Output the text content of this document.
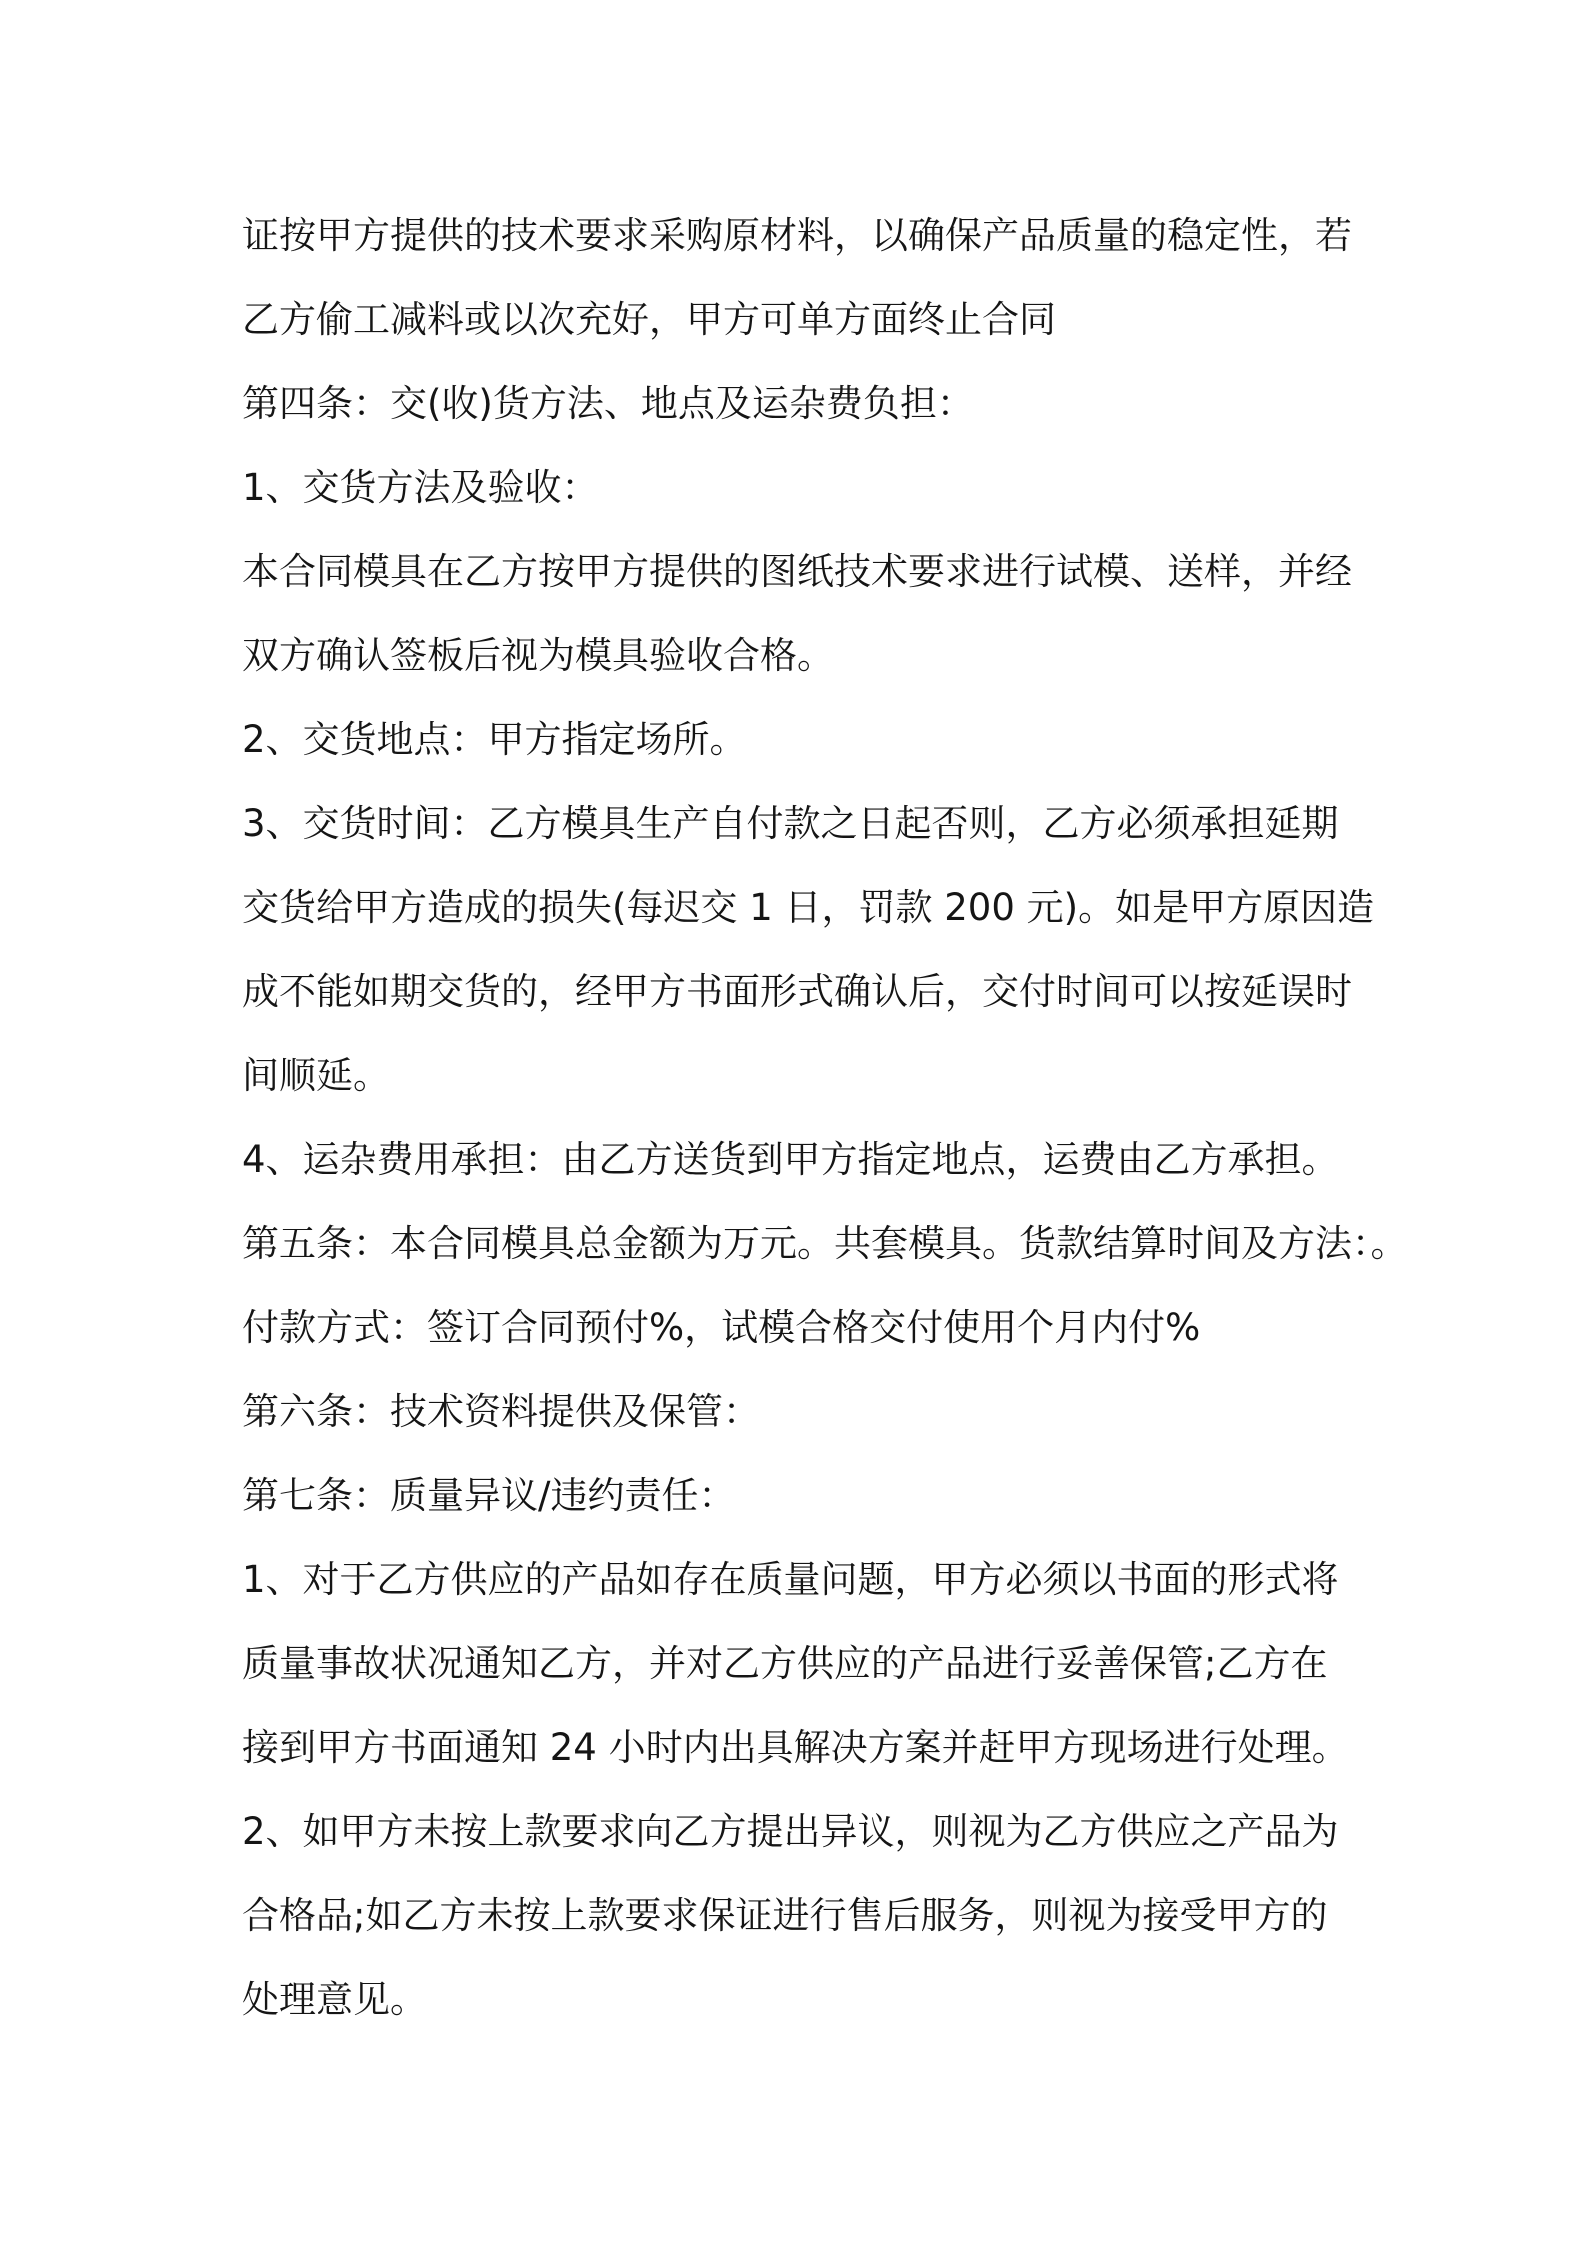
证按甲方提供的技术要求采购原材料，以确保产品质量的稳定性，若
乙方偷工减料或以次充好，甲方可单方面终止合同
第四条：交(收)货方法、地点及运杂费负担：
1、交货方法及验收：
本合同模具在乙方按甲方提供的图纸技术要求进行试模、送样，并经
双方确认签板后视为模具验收合格。
2、交货地点：甲方指定场所。
3、交货时间：乙方模具生产自付款之日起否则，乙方必须承担延期
交货给甲方造成的损失(每迟交 1 日，罚款 200 元)。如是甲方原因造
成不能如期交货的，经甲方书面形式确认后，交付时间可以按延误时
间顺延。
4、运杂费用承担：由乙方送货到甲方指定地点，运费由乙方承担。
第五条：本合同模具总金额为万元。共套模具。货款结算时间及方法：。
付款方式：签订合同预付%，试模合格交付使用个月内付%
第六条：技术资料提供及保管：
第七条：质量异议/违约责任：
1、对于乙方供应的产品如存在质量问题，甲方必须以书面的形式将
质量事故状况通知乙方，并对乙方供应的产品进行妥善保管;乙方在
接到甲方书面通知 24 小时内出具解决方案并赶甲方现场进行处理。
2、如甲方未按上款要求向乙方提出异议，则视为乙方供应之产品为
合格品;如乙方未按上款要求保证进行售后服务，则视为接受甲方的
处理意见。
